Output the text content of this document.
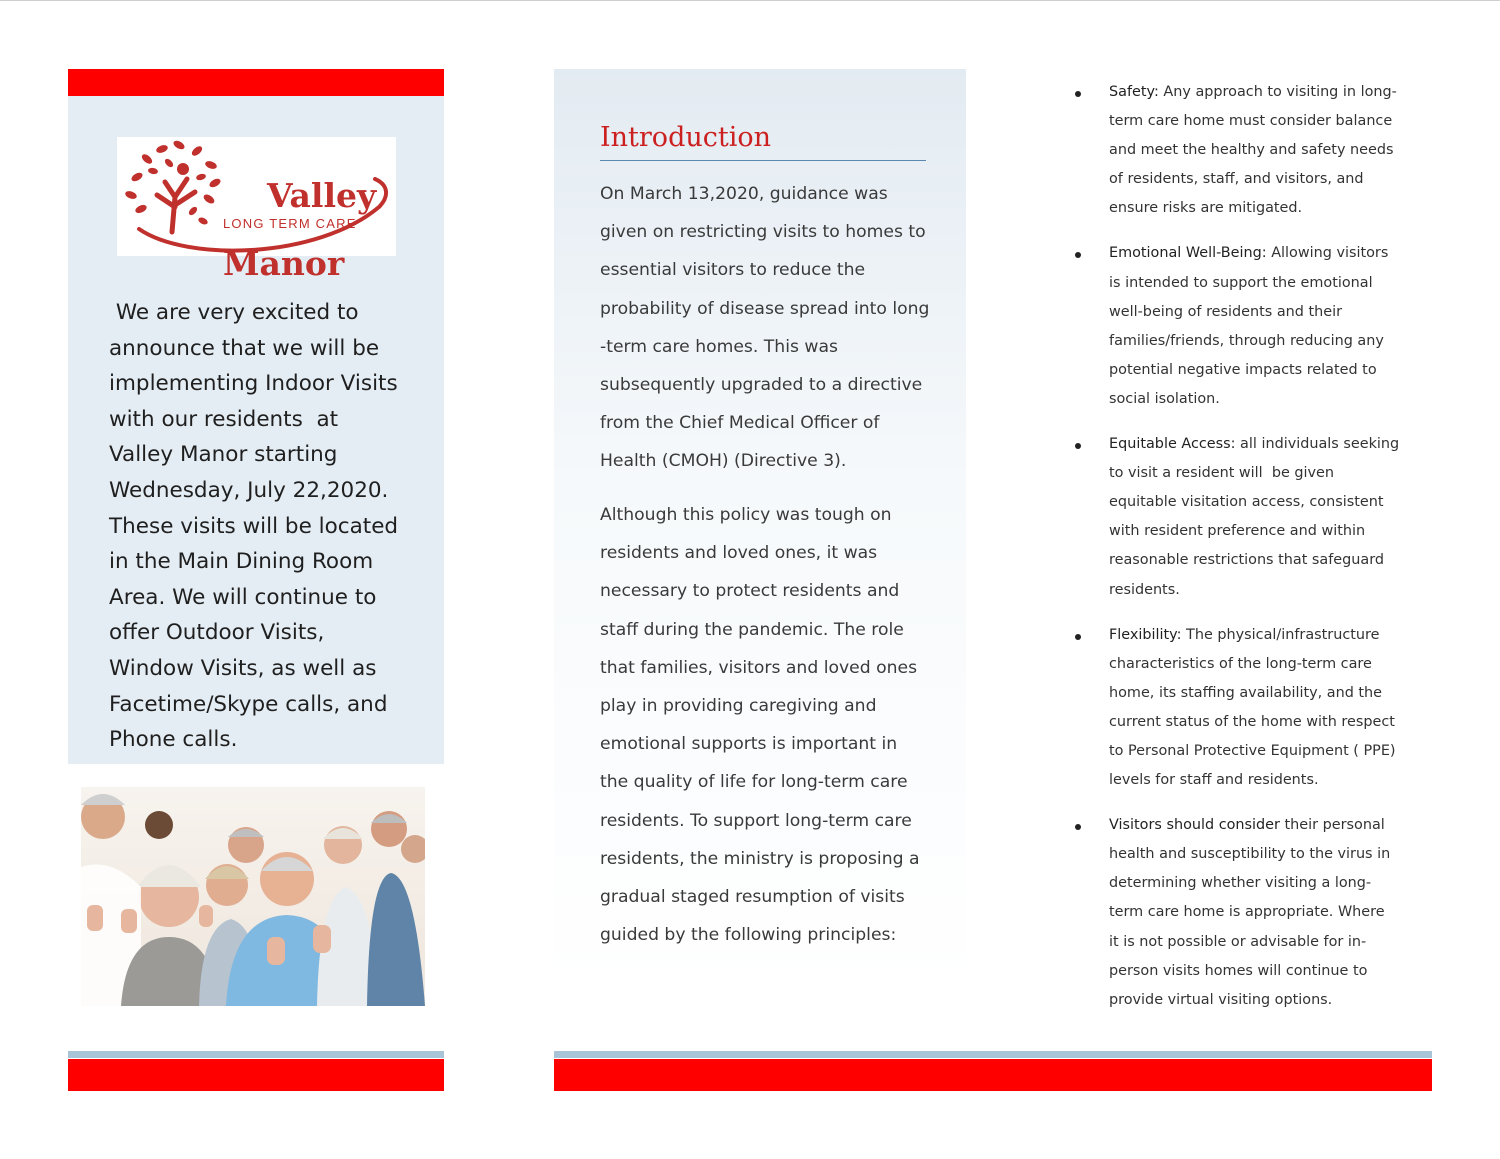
Valley

Manor

LONG TERM CARE

We are very excited to
announce that we will be
implementing Indoor Visits
with our residents  at
Valley Manor starting
Wednesday, July 22,2020.
These visits will be located
in the Main Dining Room
Area. We will continue to
offer Outdoor Visits,
Window Visits, as well as
Facetime/Skype calls, and
Phone calls.

Introduction

On March 13,2020, guidance was
given on restricting visits to homes to
essential visitors to reduce the
probability of disease spread into long
-term care homes. This was
subsequently upgraded to a directive
from the Chief Medical Officer of
Health (CMOH) (Directive 3).

Although this policy was tough on
residents and loved ones, it was
necessary to protect residents and
staff during the pandemic. The role
that families, visitors and loved ones
play in providing caregiving and
emotional supports is important in
the quality of life for long-term care
residents. To support long-term care
residents, the ministry is proposing a
gradual staged resumption of visits
guided by the following principles:

Safety: Any approach to visiting in long-
term care home must consider balance
and meet the healthy and safety needs
of residents, staff, and visitors, and
ensure risks are mitigated.

Emotional Well-Being: Allowing visitors
is intended to support the emotional
well-being of residents and their
families/friends, through reducing any
potential negative impacts related to
social isolation.

Equitable Access: all individuals seeking
to visit a resident will  be given
equitable visitation access, consistent
with resident preference and within
reasonable restrictions that safeguard
residents.

Flexibility: The physical/infrastructure
characteristics of the long-term care
home, its staffing availability, and the
current status of the home with respect
to Personal Protective Equipment ( PPE)
levels for staff and residents.

Visitors should consider their personal
health and susceptibility to the virus in
determining whether visiting a long-
term care home is appropriate. Where
it is not possible or advisable for in-
person visits homes will continue to
provide virtual visiting options.
